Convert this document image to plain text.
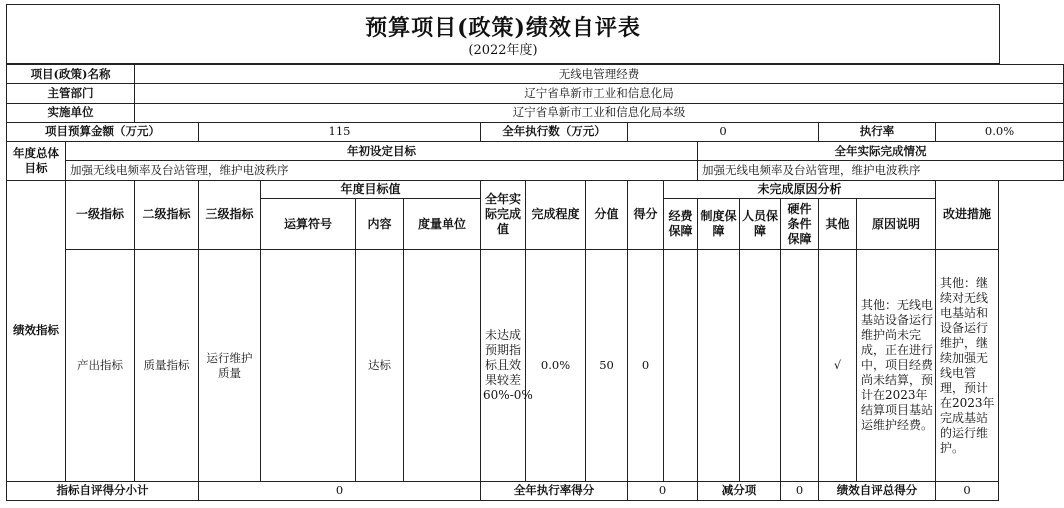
预算项目(政策)绩效自评表
(2022年度)
项目(政策)名称		无线电管理经费															
主管部门		辽宁省阜新市工业和信息化局															
实施单位		辽宁省阜新市工业和信息化局本级															
项目预算金额（万元）			115				全年执行数（万元）			0					执行率		0.0%
年度总体目标	年初设定目标											全年实际完成情况					
	加强无线电频率及台站管理，维护电波秩序											加强无线电频率及台站管理，维护电波秩序					
绩效指标	一级指标	二级指标	三级指标	年度目标值			全年实际完成值	完成程度	分值	得分	未完成原因分析						改进措施
				运算符号	内容	度量单位					经费保障	制度保障	人员保障	硬件条件保障	其他	原因说明	
	产出指标	质量指标	运行维护质量		达标		未达成预期指标且效果较差60%-0%	0.0%	50	0					√	其他：无线电基站设备运行维护尚未完成，正在进行中，项目经费尚未结算，预计在2023年结算项目基站运维护经费。	其他：继续对无线电基站和设备运行维护，继续加强无线电管理，预计在2023年完成基站的运行维护。
指标自评得分小计			0				全年执行率得分			0		减分项		0	绩效自评总得分		0
